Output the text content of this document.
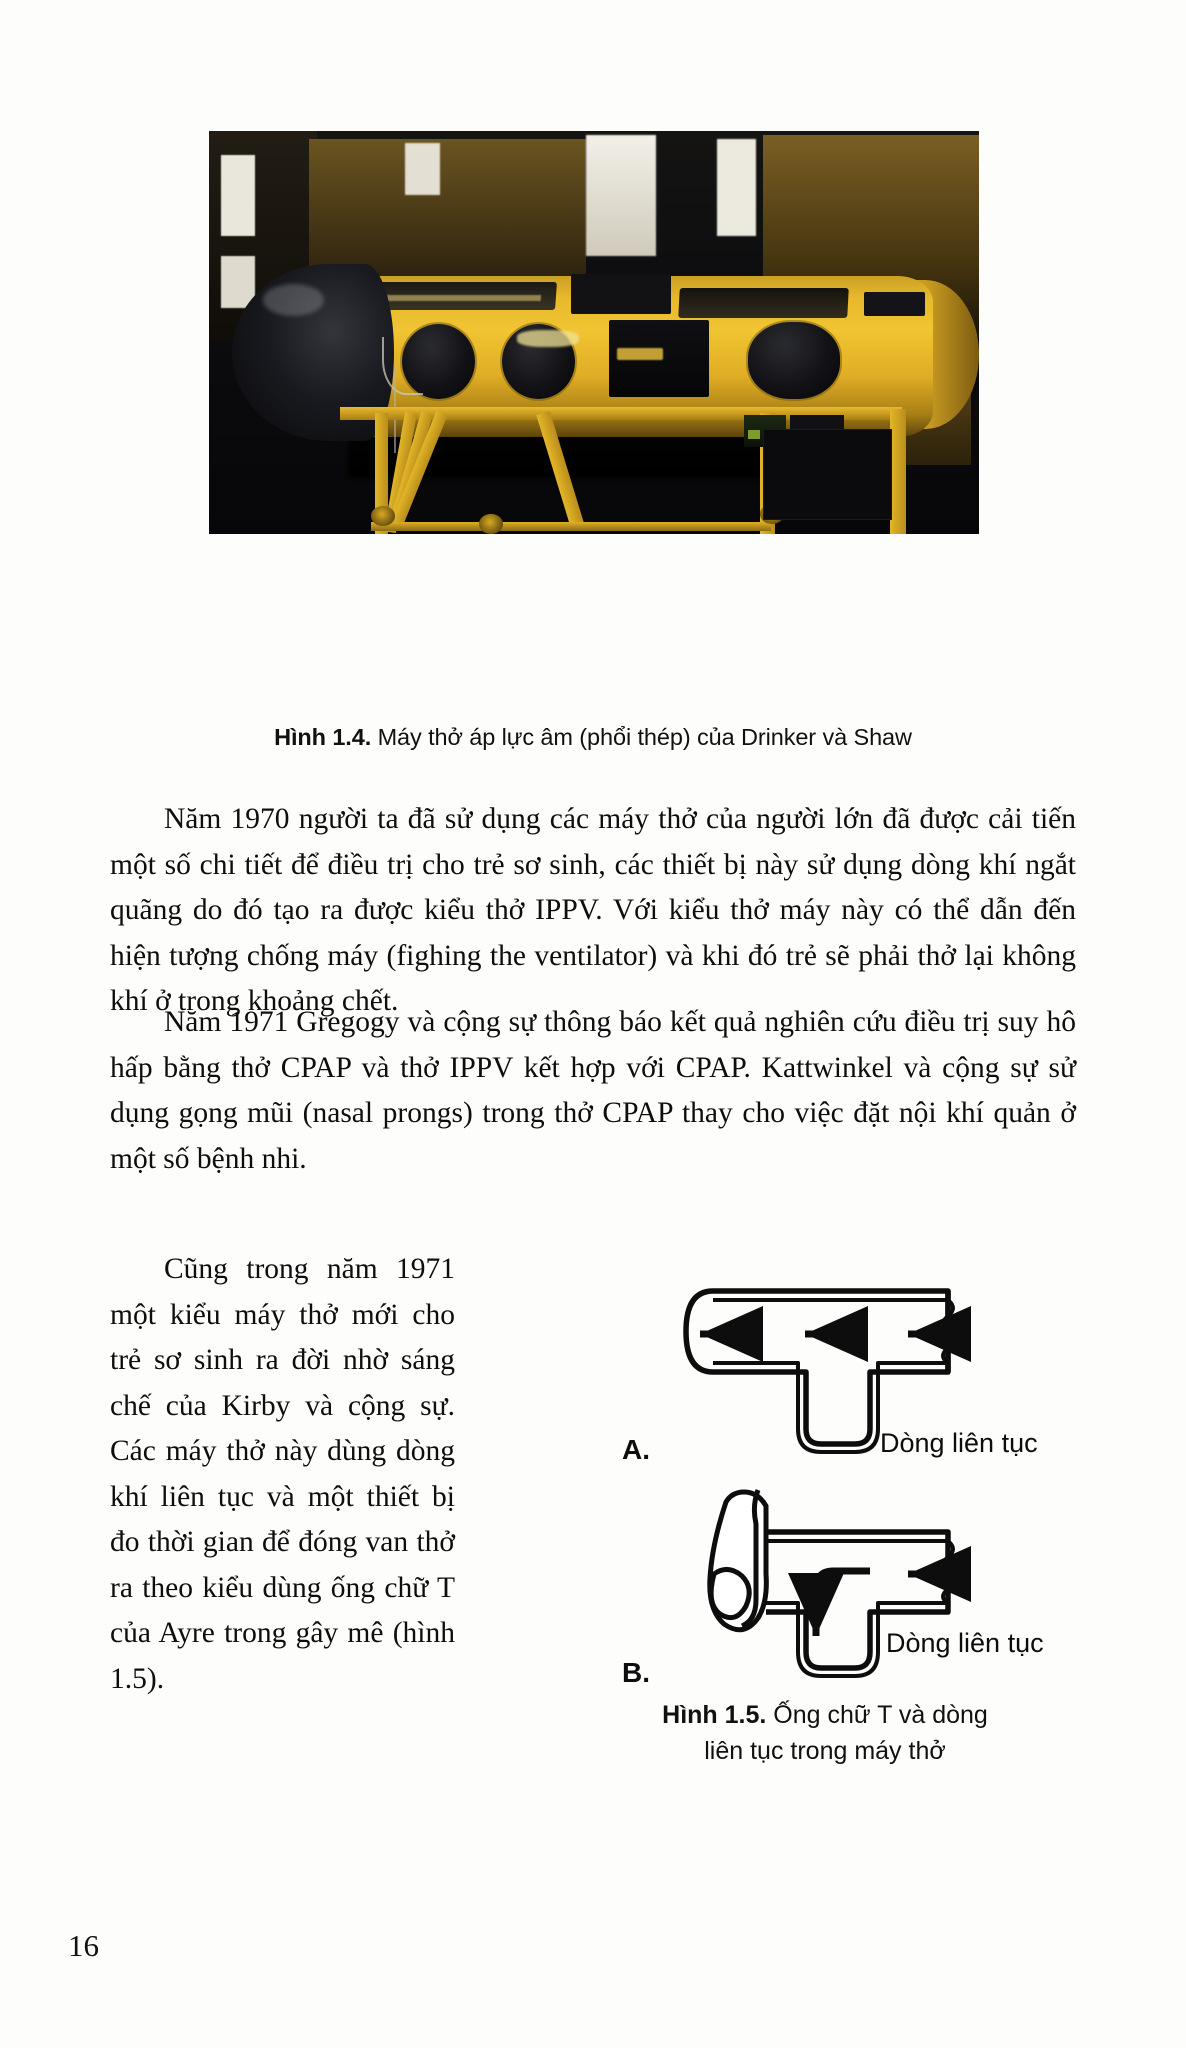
Hình 1.4. Máy thở áp lực âm (phổi thép) của Drinker và Shaw
Năm 1970 người ta đã sử dụng các máy thở của người lớn đã được cải tiến một số chi tiết để điều trị cho trẻ sơ sinh, các thiết bị này sử dụng dòng khí ngắt quãng do đó tạo ra được kiểu thở IPPV. Với kiểu thở máy này có thể dẫn đến hiện tượng chống máy (fighing the ventilator) và khi đó trẻ sẽ phải thở lại không khí ở trong khoảng chết.
Năm 1971 Gregogy và cộng sự thông báo kết quả nghiên cứu điều trị suy hô hấp bằng thở CPAP và thở IPPV kết hợp với CPAP. Kattwinkel và cộng sự sử dụng gọng mũi (nasal prongs) trong thở CPAP thay cho việc đặt nội khí quản ở một số bệnh nhi.
Cũng trong năm 1971 một kiểu máy thở mới cho trẻ sơ sinh ra đời nhờ sáng chế của Kirby và cộng sự. Các máy thở này dùng dòng khí liên tục và một thiết bị đo thời gian để đóng van thở ra theo kiểu dùng ống chữ T của Ayre trong gây mê (hình 1.5).
A.	Dòng liên tục
B.
Dòng liên tục
Hình 1.5. Ống chữ T và dòng
liên tục trong máy thở
16
